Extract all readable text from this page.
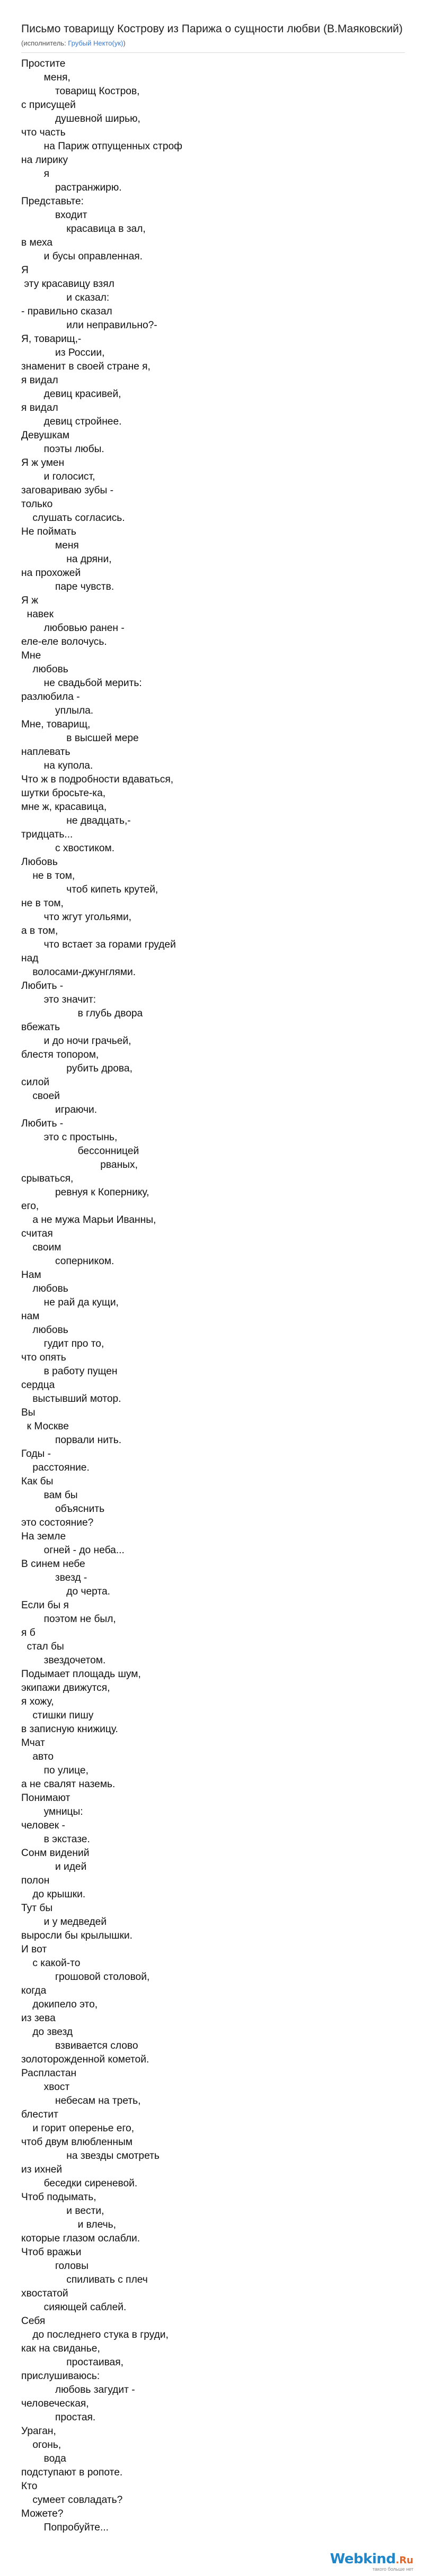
Письмо товарищу Кострову из Парижа о сущности любви (В.Маяковский)
(исполнитель: Грубый Некто(ук))
Простите
меня,
товарищ Костров,
с присущей
душевной ширью,
что часть
на Париж отпущенных строф
на лирику
я
растранжирю.
Представьте:
входит
красавица в зал,
в меха
и бусы оправленная.
Я
эту красавицу взял
и сказал:
- правильно сказал
или неправильно?-
Я, товарищ,-
из России,
знаменит в своей стране я,
я видал
девиц красивей,
я видал
девиц стройнее.
Девушкам
поэты любы.
Я ж умен
и голосист,
заговариваю зубы -
только
слушать согласись.
Не поймать
меня
на дряни,
на прохожей
паре чувств.
Я ж
навек
любовью ранен -
еле-еле волочусь.
Мне
любовь
не свадьбой мерить:
разлюбила -
уплыла.
Мне, товарищ,
в высшей мере
наплевать
на купола.
Что ж в подробности вдаваться,
шутки бросьте-ка,
мне ж, красавица,
не двадцать,-
тридцать...
с хвостиком.
Любовь
не в том,
чтоб кипеть крутей,
не в том,
что жгут угольями,
а в том,
что встает за горами грудей
над
волосами-джунглями.
Любить -
это значит:
в глубь двора
вбежать
и до ночи грачьей,
блестя топором,
рубить дрова,
силой
своей
играючи.
Любить -
это с простынь,
бессонницей
рваных,
срываться,
ревнуя к Копернику,
его,
а не мужа Марьи Иванны,
считая
своим
соперником.
Нам
любовь
не рай да кущи,
нам
любовь
гудит про то,
что опять
в работу пущен
сердца
выстывший мотор.
Вы
к Москве
порвали нить.
Годы -
расстояние.
Как бы
вам бы
объяснить
это состояние?
На земле
огней - до неба...
В синем небе
звезд -
до черта.
Если бы я
поэтом не был,
я б
стал бы
звездочетом.
Подымает площадь шум,
экипажи движутся,
я хожу,
стишки пишу
в записную книжицу.
Мчат
авто
по улице,
а не свалят наземь.
Понимают
умницы:
человек -
в экстазе.
Сонм видений
и идей
полон
до крышки.
Тут бы
и у медведей
выросли бы крылышки.
И вот
с какой-то
грошовой столовой,
когда
докипело это,
из зева
до звезд
взвивается слово
золоторожденной кометой.
Распластан
хвост
небесам на треть,
блестит
и горит оперенье его,
чтоб двум влюбленным
на звезды смотреть
из ихней
беседки сиреневой.
Чтоб подымать,
и вести,
и влечь,
которые глазом ослабли.
Чтоб вражьи
головы
спиливать с плеч
хвостатой
сияющей саблей.
Себя
до последнего стука в груди,
как на свиданье,
простаивая,
прислушиваюсь:
любовь загудит -
человеческая,
простая.
Ураган,
огонь,
вода
подступают в ропоте.
Кто
сумеет совладать?
Можете?
Попробуйте...
Webkind.Ru
такого больше нет
